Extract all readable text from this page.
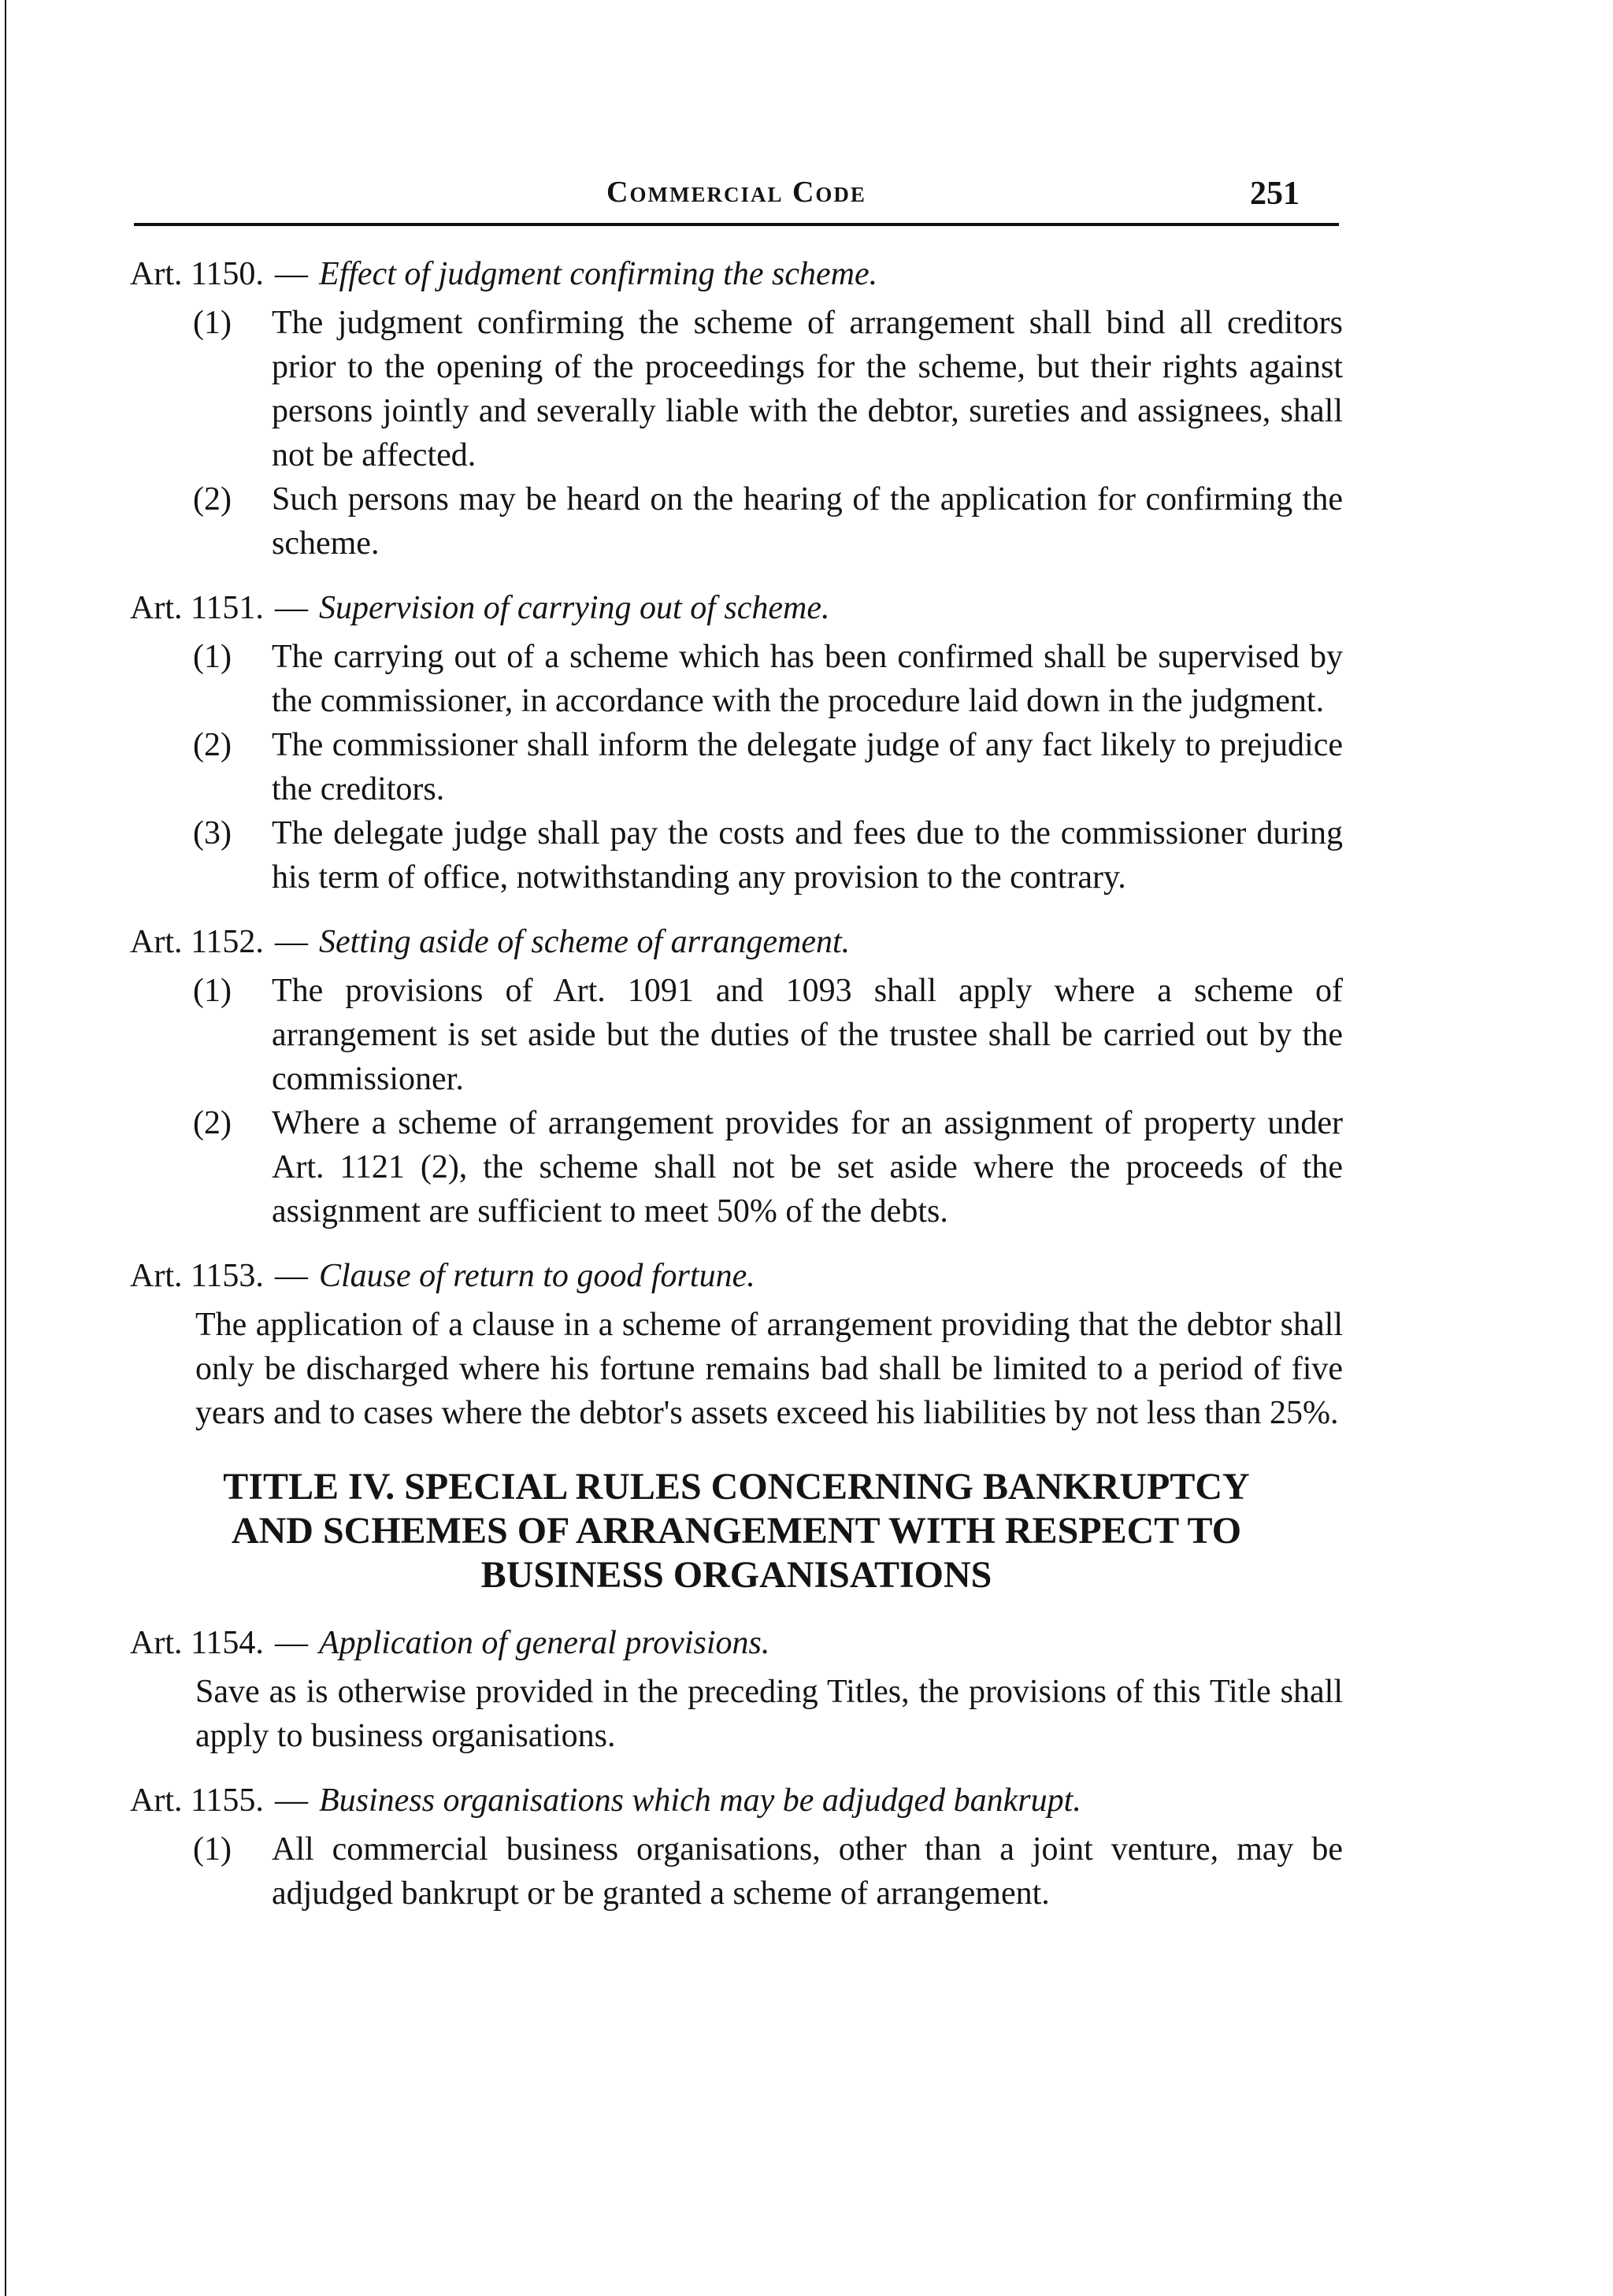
Commercial Code	251

Art. 1150. — Effect of judgment confirming the scheme.

(1)	The judgment confirming the scheme of arrangement shall bind all creditors prior to the opening of the proceedings for the scheme, but their rights against persons jointly and severally liable with the debtor, sureties and assignees, shall not be affected.
(2)	Such persons may be heard on the hearing of the application for confirming the scheme.

Art. 1151. — Supervision of carrying out of scheme.

(1)	The carrying out of a scheme which has been confirmed shall be supervised by the commissioner, in accordance with the procedure laid down in the judgment.
(2)	The commissioner shall inform the delegate judge of any fact likely to prejudice the creditors.
(3)	The delegate judge shall pay the costs and fees due to the commissioner during his term of office, notwithstanding any provision to the contrary.

Art. 1152. — Setting aside of scheme of arrangement.

(1)	The provisions of Art. 1091 and 1093 shall apply where a scheme of arrangement is set aside but the duties of the trustee shall be carried out by the commissioner.
(2)	Where a scheme of arrangement provides for an assignment of property under Art. 1121 (2), the scheme shall not be set aside where the proceeds of the assignment are sufficient to meet 50% of the debts.

Art. 1153. — Clause of return to good fortune.

The application of a clause in a scheme of arrangement providing that the debtor shall only be discharged where his fortune remains bad shall be limited to a period of five years and to cases where the debtor's assets exceed his liabilities by not less than 25%.

TITLE IV. SPECIAL RULES CONCERNING BANKRUPTCY
AND SCHEMES OF ARRANGEMENT WITH RESPECT TO
BUSINESS ORGANISATIONS

Art. 1154. — Application of general provisions.

Save as is otherwise provided in the preceding Titles, the provisions of this Title shall apply to business organisations.

Art. 1155. — Business organisations which may be adjudged bankrupt.

(1)	All commercial business organisations, other than a joint venture, may be adjudged bankrupt or be granted a scheme of arrangement.
